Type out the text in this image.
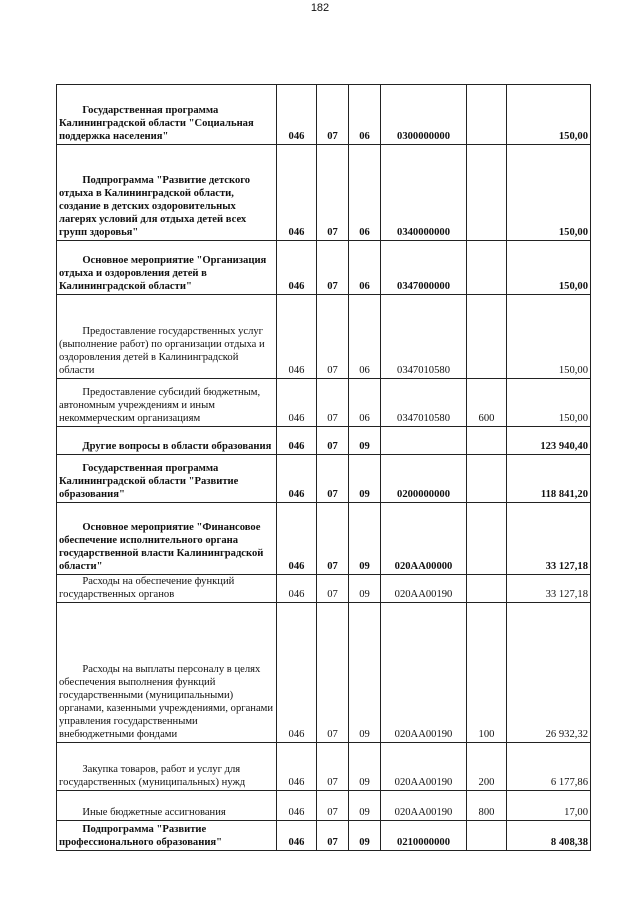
182
Государственная программа Калининградской области "Социальная поддержка населения"	046	07	06	0300000000		150,00
Подпрограмма "Развитие детского отдыха в Калининградской области, создание в детских оздоровительных лагерях условий для отдыха детей всех групп здоровья"	046	07	06	0340000000		150,00
Основное мероприятие "Организация отдыха и оздоровления детей в Калининградской области"	046	07	06	0347000000		150,00
Предоставление государственных услуг (выполнение работ) по организации отдыха и оздоровления детей в Калининградской области	046	07	06	0347010580		150,00
Предоставление субсидий бюджетным, автономным учреждениям и иным некоммерческим организациям	046	07	06	0347010580	600	150,00
Другие вопросы в области образования	046	07	09			123 940,40
Государственная программа Калининградской области "Развитие образования"	046	07	09	0200000000		118 841,20
Основное мероприятие "Финансовое обеспечение исполнительного органа государственной власти Калининградской области"	046	07	09	020АА00000		33 127,18
Расходы на обеспечение функций государственных органов	046	07	09	020АА00190		33 127,18
Расходы на выплаты персоналу в целях обеспечения выполнения функций государственными (муниципальными) органами, казенными учреждениями, органами управления государственными внебюджетными фондами	046	07	09	020АА00190	100	26 932,32
Закупка товаров, работ и услуг для государственных (муниципальных) нужд	046	07	09	020АА00190	200	6 177,86
Иные бюджетные ассигнования	046	07	09	020АА00190	800	17,00
Подпрограмма "Развитие профессионального образования"	046	07	09	0210000000		8 408,38
